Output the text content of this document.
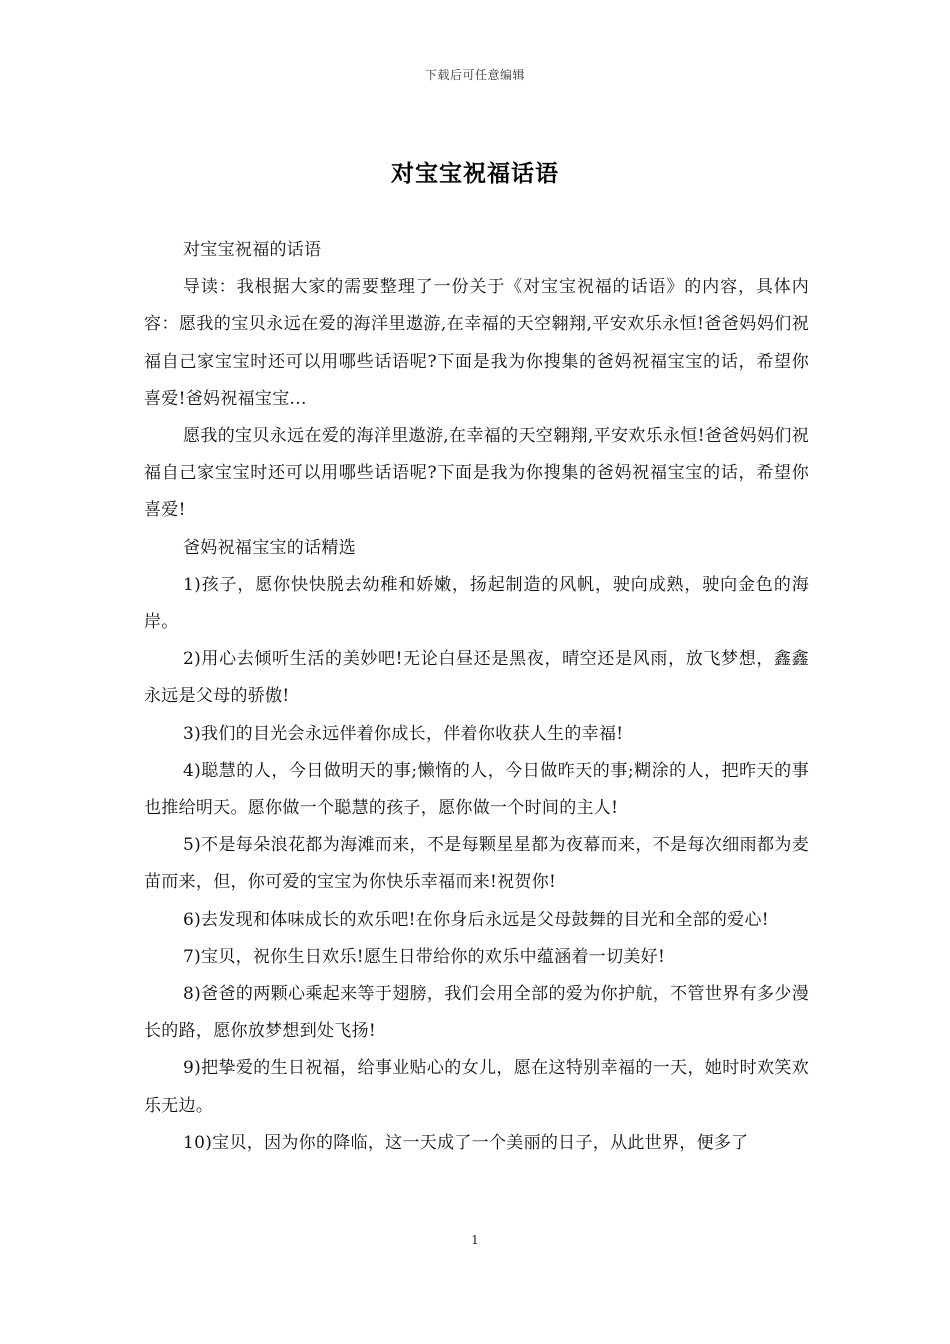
下载后可任意编辑
对宝宝祝福话语

对宝宝祝福的话语

导读：我根据大家的需要整理了一份关于《对宝宝祝福的话语》的内容，具体内容：愿我的宝贝永远在爱的海洋里遨游,在幸福的天空翱翔,平安欢乐永恒!爸爸妈妈们祝福自己家宝宝时还可以用哪些话语呢?下面是我为你搜集的爸妈祝福宝宝的话，希望你喜爱!爸妈祝福宝宝...

愿我的宝贝永远在爱的海洋里遨游,在幸福的天空翱翔,平安欢乐永恒!爸爸妈妈们祝福自己家宝宝时还可以用哪些话语呢?下面是我为你搜集的爸妈祝福宝宝的话，希望你喜爱!

爸妈祝福宝宝的话精选

1)孩子，愿你快快脱去幼稚和娇嫩，扬起制造的风帆，驶向成熟，驶向金色的海岸。

2)用心去倾听生活的美妙吧!无论白昼还是黑夜，晴空还是风雨，放飞梦想，鑫鑫永远是父母的骄傲!

3)我们的目光会永远伴着你成长，伴着你收获人生的幸福!

4)聪慧的人，今日做明天的事;懒惰的人，今日做昨天的事;糊涂的人，把昨天的事也推给明天。愿你做一个聪慧的孩子，愿你做一个时间的主人!

5)不是每朵浪花都为海滩而来，不是每颗星星都为夜幕而来，不是每次细雨都为麦苗而来，但，你可爱的宝宝为你快乐幸福而来!祝贺你!

6)去发现和体味成长的欢乐吧!在你身后永远是父母鼓舞的目光和全部的爱心!

7)宝贝，祝你生日欢乐!愿生日带给你的欢乐中蕴涵着一切美好!

8)爸爸的两颗心乘起来等于翅膀，我们会用全部的爱为你护航，不管世界有多少漫长的路，愿你放梦想到处飞扬!

9)把挚爱的生日祝福，给事业贴心的女儿，愿在这特别幸福的一天，她时时欢笑欢乐无边。

10)宝贝，因为你的降临，这一天成了一个美丽的日子，从此世界，便多了

1
